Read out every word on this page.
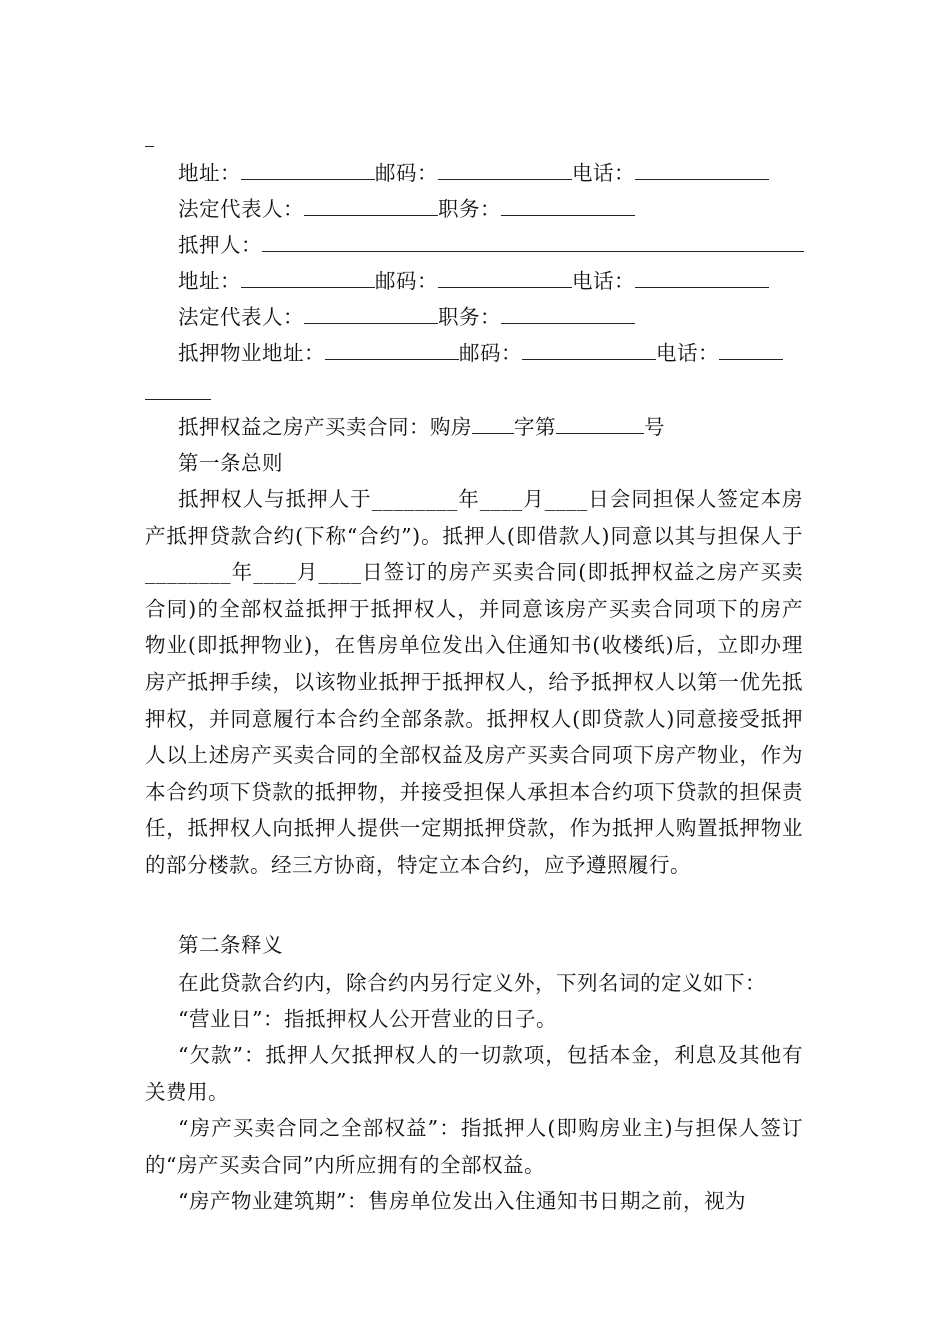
地址：	邮码：	电话：
法定代表人：	职务：
抵押人：
地址：	邮码：	电话：
法定代表人：	职务：
抵押物业地址：	邮码：	电话：
抵押权益之房产买卖合同：购房 字第	号
第一条总则
抵押权人与抵押人于________年____月____日会同担保人签定本房产抵押贷款合约(下称“合约”)。抵押人(即借款人)同意以其与担保人于________年____月____日签订的房产买卖合同(即抵押权益之房产买卖合同)的全部权益抵押于抵押权人，并同意该房产买卖合同项下的房产物业(即抵押物业)，在售房单位发出入住通知书(收楼纸)后，立即办理房产抵押手续，以该物业抵押于抵押权人，给予抵押权人以第一优先抵押权，并同意履行本合约全部条款。抵押权人(即贷款人)同意接受抵押人以上述房产买卖合同的全部权益及房产买卖合同项下房产物业，作为本合约项下贷款的抵押物，并接受担保人承担本合约项下贷款的担保责任，抵押权人向抵押人提供一定期抵押贷款，作为抵押人购置抵押物业的部分楼款。经三方协商，特定立本合约，应予遵照履行。
第二条释义
在此贷款合约内，除合约内另行定义外，下列名词的定义如下：
“营业日”：指抵押权人公开营业的日子。
“欠款”：抵押人欠抵押权人的一切款项，包括本金，利息及其他有关费用。
“房产买卖合同之全部权益”：指抵押人(即购房业主)与担保人签订的“房产买卖合同”内所应拥有的全部权益。
“房产物业建筑期”：售房单位发出入住通知书日期之前，视为
